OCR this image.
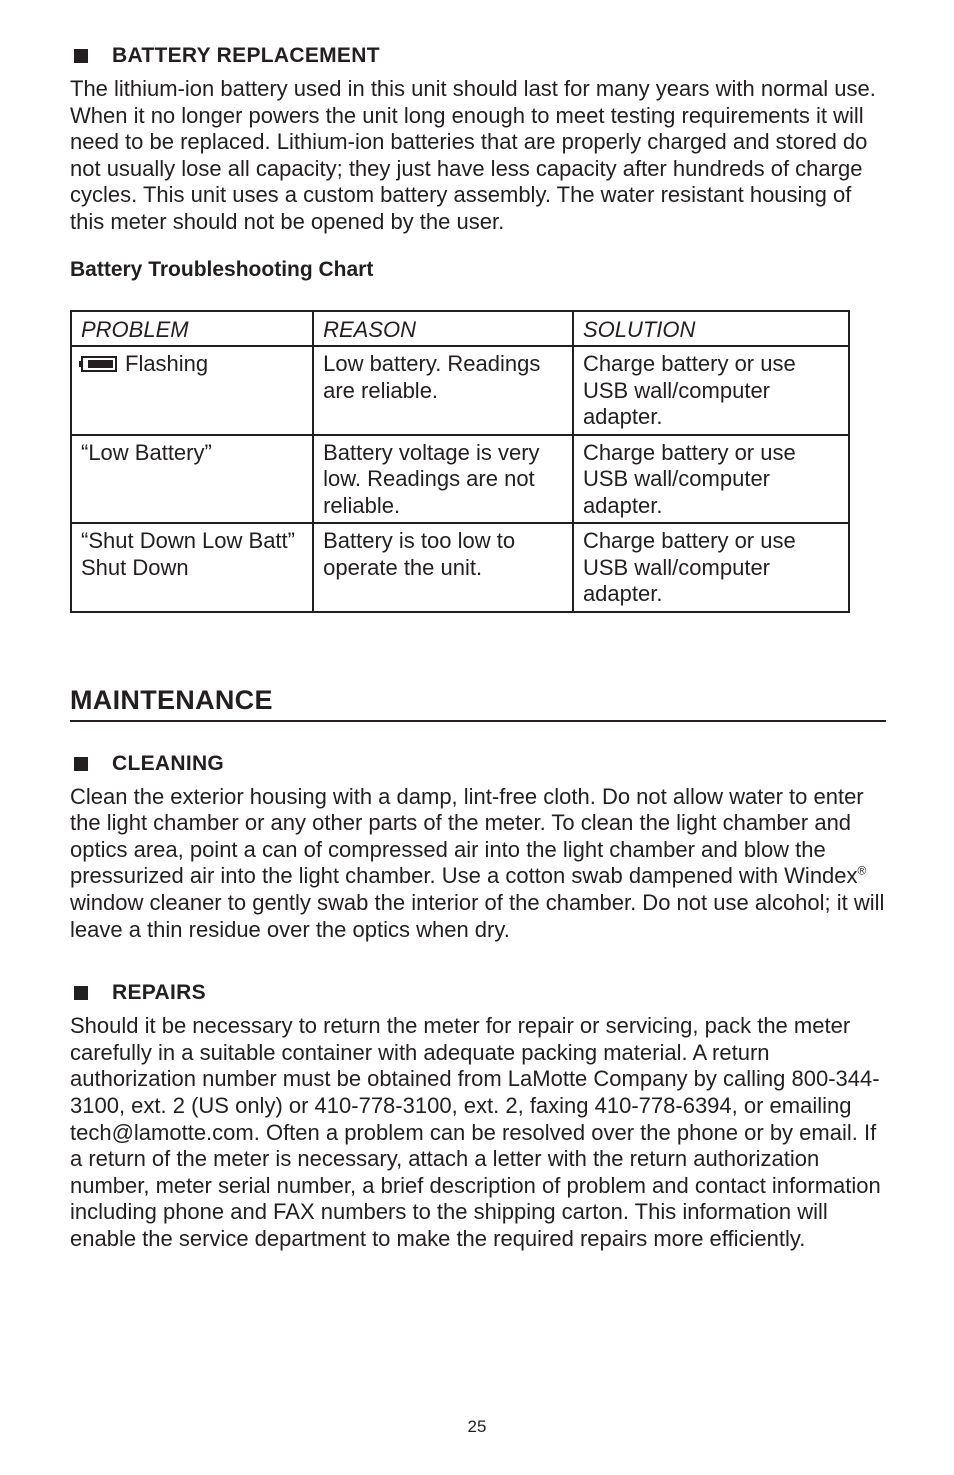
BATTERY REPLACEMENT

The lithium-ion battery used in this unit should last for many years with normal use. When it no longer powers the unit long enough to meet testing requirements it will need to be replaced. Lithium-ion batteries that are properly charged and stored do not usually lose all capacity; they just have less capacity after hundreds of charge cycles. This unit uses a custom battery assembly. The water resistant housing of this meter should not be opened by the user.

Battery Troubleshooting Chart
PROBLEM	REASON	SOLUTION

Flashing	Low battery. Readings are reliable.	Charge battery or use USB wall/computer adapter.
“Low Battery”	Battery voltage is very low. Readings are not reliable.	Charge battery or use USB wall/computer adapter.
“Shut Down Low Batt” Shut Down	Battery is too low to operate the unit.	Charge battery or use USB wall/computer adapter.
MAINTENANCE
CLEANING

Clean the exterior housing with a damp, lint-free cloth. Do not allow water to enter the light chamber or any other parts of the meter. To clean the light chamber and optics area, point a can of compressed air into the light chamber and blow the pressurized air into the light chamber. Use a cotton swab dampened with Windex® window cleaner to gently swab the interior of the chamber. Do not use alcohol; it will leave a thin residue over the optics when dry.

REPAIRS

Should it be necessary to return the meter for repair or servicing, pack the meter carefully in a suitable container with adequate packing material. A return authorization number must be obtained from LaMotte Company by calling 800-344-3100, ext. 2 (US only) or 410-778-3100, ext. 2, faxing 410-778-6394, or emailing tech@lamotte.com. Often a problem can be resolved over the phone or by email. If a return of the meter is necessary, attach a letter with the return authorization number, meter serial number, a brief description of problem and contact information including phone and FAX numbers to the shipping carton. This information will enable the service department to make the required repairs more efficiently.

25
